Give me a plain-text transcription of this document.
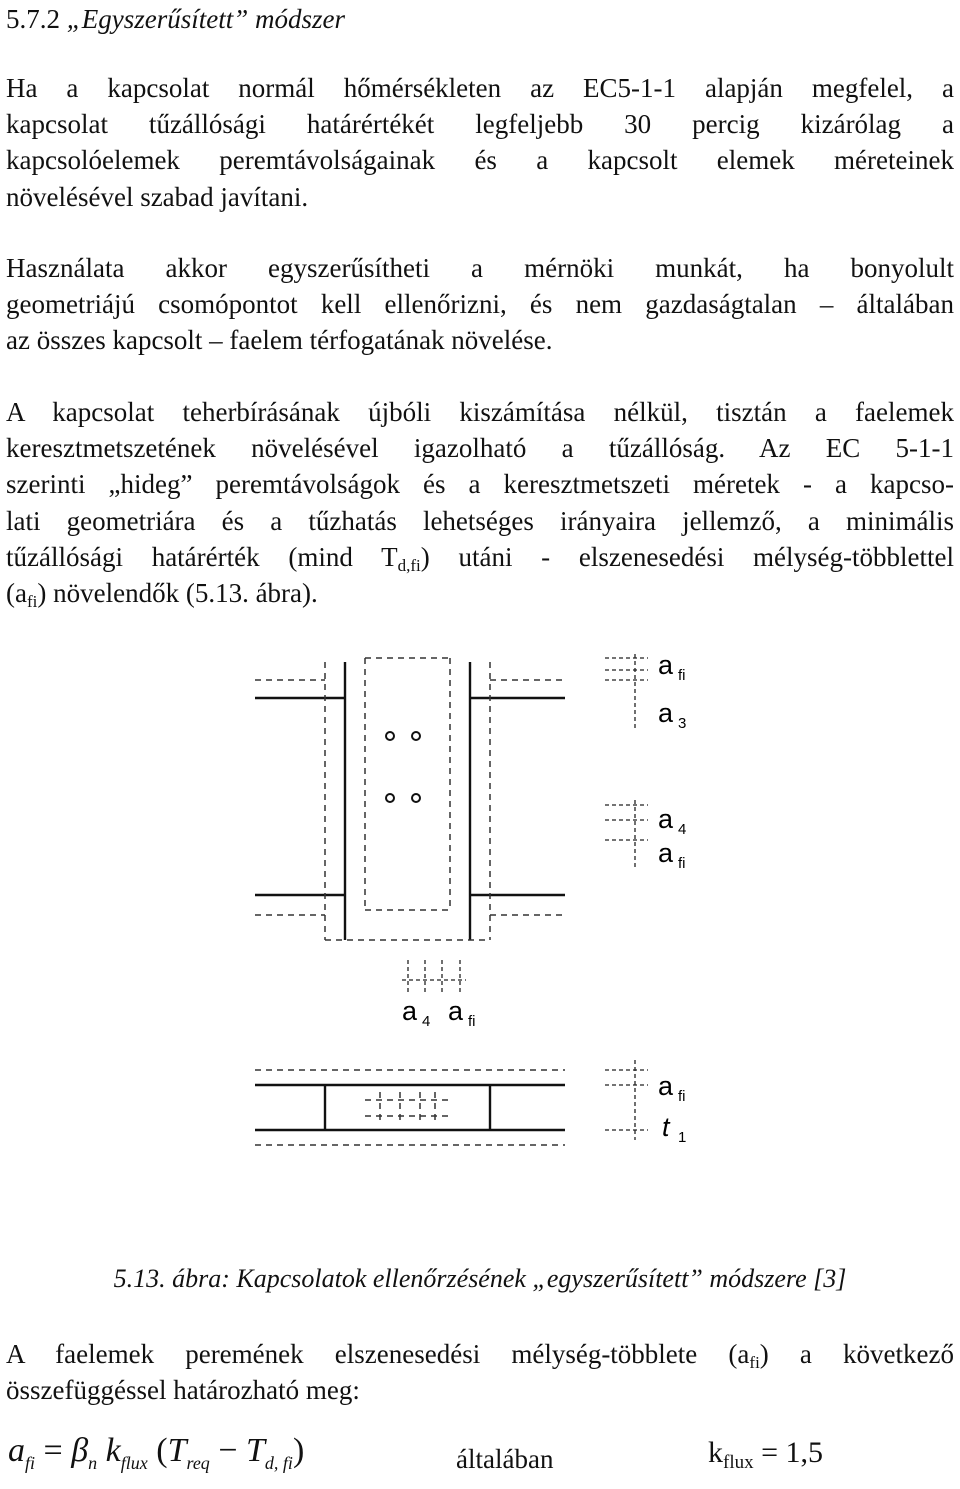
5.7.2 „Egyszerűsített” módszer
Ha a kapcsolat normál hőmérsékleten az EC5-1-1 alapján megfelel, a
kapcsolat tűzállósági határértékét legfeljebb 30 percig kizárólag a
kapcsolóelemek peremtávolságainak és a kapcsolt elemek méreteinek
növelésével szabad javítani.
Használata akkor egyszerűsítheti a mérnöki munkát, ha bonyolult
geometriájú csomópontot kell ellenőrizni, és nem gazdaságtalan – általában
az összes kapcsolt – faelem térfogatának növelése.
A kapcsolat teherbírásának újbóli kiszámítása nélkül, tisztán a faelemek
keresztmetszetének növelésével igazolható a tűzállóság. Az EC 5-1-1
szerinti „hideg” peremtávolságok és a keresztmetszeti méretek - a kapcso-
lati geometriára és a tűzhatás lehetséges irányaira jellemző, a minimális
tűzállósági határérték (mind $T_{d,fi}$) utáni - elszenesedési mélység-többlettel
$(a_{fi})$ növelendők (5.13. ábra).
a fi
a 3
a 4
a fi
a 4 a fi
a fi
t 1
5.13. ábra: Kapcsolatok ellenőrzésének „egyszerűsített” módszere [3]
A faelemek peremének elszenesedési mélység-többlete $(a_{fi})$ a következő
összefüggéssel határozható meg:
$a_{fi} = \beta_n$ $k_{flux}$ $(T_{req} - T_{d, fi})$	általában	$k_{flux} = 1,5$
